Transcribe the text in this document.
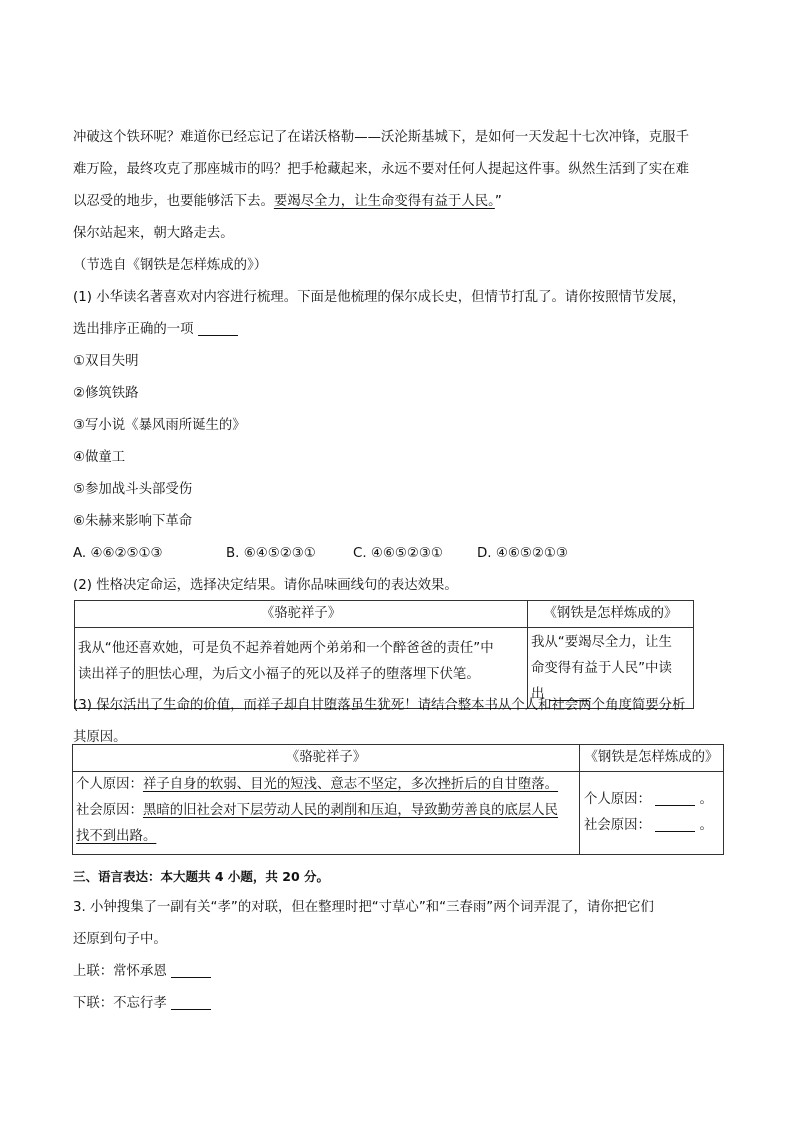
冲破这个铁环呢？难道你已经忘记了在诺沃格勒——沃沦斯基城下，是如何一天发起十七次冲锋，克服千
难万险，最终攻克了那座城市的吗？把手枪藏起来，永远不要对任何人提起这件事。纵然生活到了实在难
以忍受的地步，也要能够活下去。要竭尽全力，让生命变得有益于人民。”
保尔站起来，朝大路走去。
（节选自《钢铁是怎样炼成的》）
(1) 小华读名著喜欢对内容进行梳理。下面是他梳理的保尔成长史，但情节打乱了。请你按照情节发展，
选出排序正确的一项
①双目失明
②修筑铁路
③写小说《暴风雨所诞生的》
④做童工
⑤参加战斗头部受伤
⑥朱赫来影响下革命
A. ④⑥②⑤①③	B. ⑥④⑤②③①	C. ④⑥⑤②③①	D. ④⑥⑤②①③
(2) 性格决定命运，选择决定结果。请你品味画线句的表达效果。
《骆驼祥子》	《钢铁是怎样炼成的》

我从“他还喜欢她，可是负不起养着她两个弟弟和一个醉爸爸的责任”中
读出祥子的胆怯心理，为后文小福子的死以及祥子的堕落埋下伏笔。	我从“要竭尽全力，让生
命变得有益于人民”中读
出
(3) 保尔活出了生命的价值，而祥子却自甘堕落虽生犹死！请结合整本书从个人和社会两个角度简要分析
其原因。
《骆驼祥子》	《钢铁是怎样炼成的》

个人原因：祥子自身的软弱、目光的短浅、意志不坚定，多次挫折后的自甘堕落。
社会原因：黑暗的旧社会对下层劳动人民的剥削和压迫，导致勤劳善良的底层人民
找不到出路。	个人原因： 。
社会原因： 。
三、语言表达：本大题共 4 小题，共 20 分。
3. 小钟搜集了一副有关“孝”的对联，但在整理时把“寸草心”和“三春雨”两个词弄混了，请你把它们
还原到句子中。
上联：常怀承恩
下联：不忘行孝
